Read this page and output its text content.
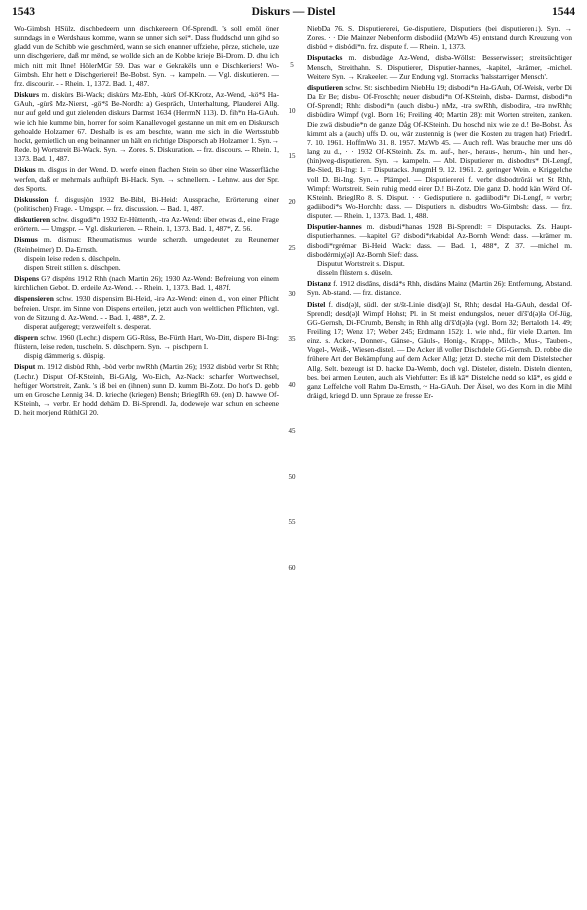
1543	Diskurs — Distel	1544

Wo-Gimbsh HSülz. dischbedeern unn dischkereern Of-Sprendl. 's soll emöl öner sunndags in e Werdshaus komme, wann se unner sich sei*. Dass fluddschd unn gihd so gladd vun de Schibb wie geschmèrd, wann se sich enanner uffziehe, përze, stichele, uze unn dischgeriere, daß mr mënd, se wollde sich an de Kobbe krieje Bi-Drom. D. dhu ich mich nitt mit Ihne! HölerMGr 59. Das war e Gekrakëls unn e Dischkeriers! Wo-Gimbsh. Ehr hett e Dischgerierei! Be-Bobst. Syn. → kampeln. — Vgl. diskutieren. — frz. discourir. - - Rhein. 1, 1372. Bad. 1, 487.

Diskurs m. diskùrs Bi-Wack; diskùrs Mz-Ebh, -kùrš Of-KKrotz, Az-Wend, -kö*š Ha-GAuh, -gùrš Mz-Nierst, -gö*š Be-Nordh: a) Gespräch, Unterhaltung, Plauderei Allg. nur auf geld und gut zielenden diskurs Darmst 1634 (HerrmN 113). D. fih*n Ha-GAuh. wie ich hie kumme bin, horrer for soim Kanallevogel gestanne un mit em en Diskursch gehoalde Holzamer 67. Deshalb is es am beschte, wann me sich in die Wertsstubb hockt, gemietlich un eng beinanner un hält en richtige Disporsch ab Holzamer 1. Syn.→ Rede. b) Wortstreit Bi-Wack. Syn. → Zores. S. Diskuration. -- frz. discours. -- Rhein. 1, 1373. Bad. 1, 487.

Diskus m. disgus in der Wend. D. werfe einen flachen Stein so über eine Wasserfläche werfen, daß er mehrmals aufhüpft Bi-Hack. Syn. → schnellern. - Lehnw. aus der Spr. des Sports.

Diskussion f. disgusjòn 1932 Be-Bibl, Bi-Heid: Aussprache, Erörterung einer (politischen) Frage. - Umgspr. -- frz. discussion. -- Bad. 1, 487.

diskutieren schw. disgudi*n 1932 Er-Hüttenth, -trə Az-Wend: über etwas d., eine Frage erörtern. — Umgspr. -- Vgl. diskurieren. -- Rhein. 1, 1373. Bad. 1, 487*, Z. 56.

Dismus m. dismus: Rheumatismus wurde scherzh. umgedeutet zu Reunemer (Reinheimer) D. Da-Ernsth.

dispein leise reden s. düschpeln.

dispen Streit stillen s. düschpen.

Dispens G? dispéns 1912 Rhh (nach Martin 26); 1930 Az-Wend: Befreiung von einem kirchlichen Gebot. D. erdeile Az-Wend. - - Rhein. 1, 1373. Bad. 1, 487f.

dispensieren schw. 1930 dispensirn Bi-Heid, -irə Az-Wend: einen d., von einer Pflicht befreien. Urspr. im Sinne von Dispens erteilen, jetzt auch von weltlichen Pflichten, vgl. von de Sitzung d. Az-Wend. - - Bad. 1, 488*, Z. 2.

disperat aufgeregt; verzweifelt s. desperat.

dispern schw. 1960 (Lechr.) dispern GG-Rüss, Be-Fürth Hart, Wo-Ditt, dispere Bi-Ing: flüstern, leise reden, tuscheln. S. düschpern. Syn. → pischpern I.

dispig dämmerig s. düspig.

Disput m. 1912 disbùd Rhh, -bòd verbr nwRhh (Martin 26); 1932 disbùd verbr St Rhh; (Lechr.) Disput Of-KSteinh, Bi-GAlg, Wo-Eich, Az-Nack: scharfer Wortwechsel, heftiger Wortstreit, Zank. 's iß bei en (ihnen) sunn D. kumm Bi-Zotz. Do hot's D. gebb um en Grosche Lennig 34. D. krieche (kriegen) Bensh; BrieglRh 69. (en) D. hawwe Of-KSteinh, → verbr. Er hodd dehäm D. Bi-Sprendl. Ja, dodeweje war schun en scheene D. heit morjend RüthlGl 20.

5
10
15
20
25
30
35
40
45
50
55
60

NiebDa 76. S. Disputiererei, Ge-disputiere, Disputiers (bei disputieren↓). Syn. → Zores. · · Die Mainzer Nebenform disbodiid (MzWb 45) entstand durch Kreuzung von disbùd + disbódi*n. frz. dispute f. — Rhein. 1, 1373.

Disputacks m. disbudàge Az-Wend, disbə-Wöllst: Besserwisser; streitsüchtiger Mensch, Streithahn. S. Disputierer, Disputier-hannes, -kapitel, -krämer, -michel. Weitere Syn. → Krakeeler. — Zur Endung vgl. Storracks 'halsstarriger Mensch'.

disputieren schw. St: sischbedirn NiebHu 19; disbodi*n Ha-GAuh, Of-Weisk, verbr Di Da Er Be; disbu- Of-Froschh; neuer disbudi*n Of-KSteinh, disbə- Darmst, disbodi*n Of-Sprendl; Rhh: disbodi*n (auch disbu-) nMz, -trə swRhh, disbodirə, -trə nwRhh; disbùdirə Wimpf (vgl. Born 16; Freiling 40; Martin 28): mit Worten streiten, zanken. Die zwä disbudie*n de ganze Dåg Of-KSteinh. Du hoschd nix wie ze d.! Be-Bobst. Às kimmt als a (auch) uffs D. ou, wär zustennig is (wer die Kosten zu tragen hat) FriedrL 7. 10. 1961. HoffmWo 31. 8. 1957. MzWb 45. — Auch refl. Was brauche mer uns dò lang zu d., · · 1932 Of-KSteinh. Zs. m. auf-, her-, heraus-, herum-, hin und her-, (hin)weg-disputieren. Syn. → kampeln. — Abl. Disputierer m. disbodtrs* Di-Lengf, Be-Sied, Bi-Ing: 1. = Disputacks. JungmH 9. 12. 1961. 2. geringer Wein. e Kriggelche voll D. Bi-Ing. Syn.→ Plämpel. — Disputiererei f. verbr disbodtrõrái wt St Rhh, Wimpf: Wortstreit. Sein ruhig medd eirer D.! Bi-Zotz. Die ganz D. hodd kän Wërd Of-KSteinh. BrieglRo 8. S. Disput. · · Gedisputiere n. gədiibodi*r Di-Lengf, ≈ verbr; gədiibodi*s Wo-Horchh: dass. — Disputiers n. disbudtrs Wo-Gimbsh: dass. — frz. disputer. — Rhein. 1, 1373. Bad. 1, 488.

Disputier-hannes m. disbudi*hanəs 1928 Bi-Sprendl: = Disputacks. Zs. Haupt-disputierhannes. —kapitel G? disbodi*rkabidəl Az-Bornh Wend: dass. —krämer m. disbodi*rgrémər Bi-Heid Wack: dass. — Bad. 1, 488*, Z 37. —michel m. disbodérmiχ(ə)l Az-Bornh Sief: dass.

Disputut Wortstreit s. Disput.

disseln flüstern s. düseln.

Distanz f. 1912 disdāns, disdá*s Rhh, disdáns Mainz (Martin 26): Entfernung, Abstand. Syn. Ab-stand. — frz. distance.

Distel f. disd(ə)l, südl. der st/št-Linie disd(ə)l St, Rhh; desdəl Ha-GAuh, desdəl Of-Sprendl; desd(ə)l Wimpf Hohst; Pl. in St meist endungslos, neuer di'š'd(ə)lə Of-Jüg, GG-Gernsh, Di-FCrumb, Bensh; in Rhh allg di'š'd(ə)lə (vgl. Born 32; Bertaloth 14. 49; Freiling 17; Wenz 17; Weber 245; Erdmann 152): 1. wie nhd., für viele D.arten. Im einz. s. Acker-, Donner-, Gänse-, Gäuls-, Honig-, Krapp-, Milch-, Mus-, Tauben-, Vogel-, Weiß-, Wiesen-distel. — De Acker iß voller Dischdele GG-Gernsh. D. robbe die frühere Art der Bekämpfung auf dem Acker Allg; jetzt D. steche mit dem Distelstecher Allg. Selt. bezeugt ist D. hacke Da-Wemb, doch vgl. Disteler, disteln. Disteln dienten, bes. bei armen Leuten, auch als Viehfutter: Es iß kā* Distelche nedd so klā*, es gidd e ganz Leffelche voll Rahm Da-Ernsth, ~ Ha-GAuh. Der Äisel, wo des Korn in die Mihl dräigd, kriegd D. unn Spraue ze fresse Er-
